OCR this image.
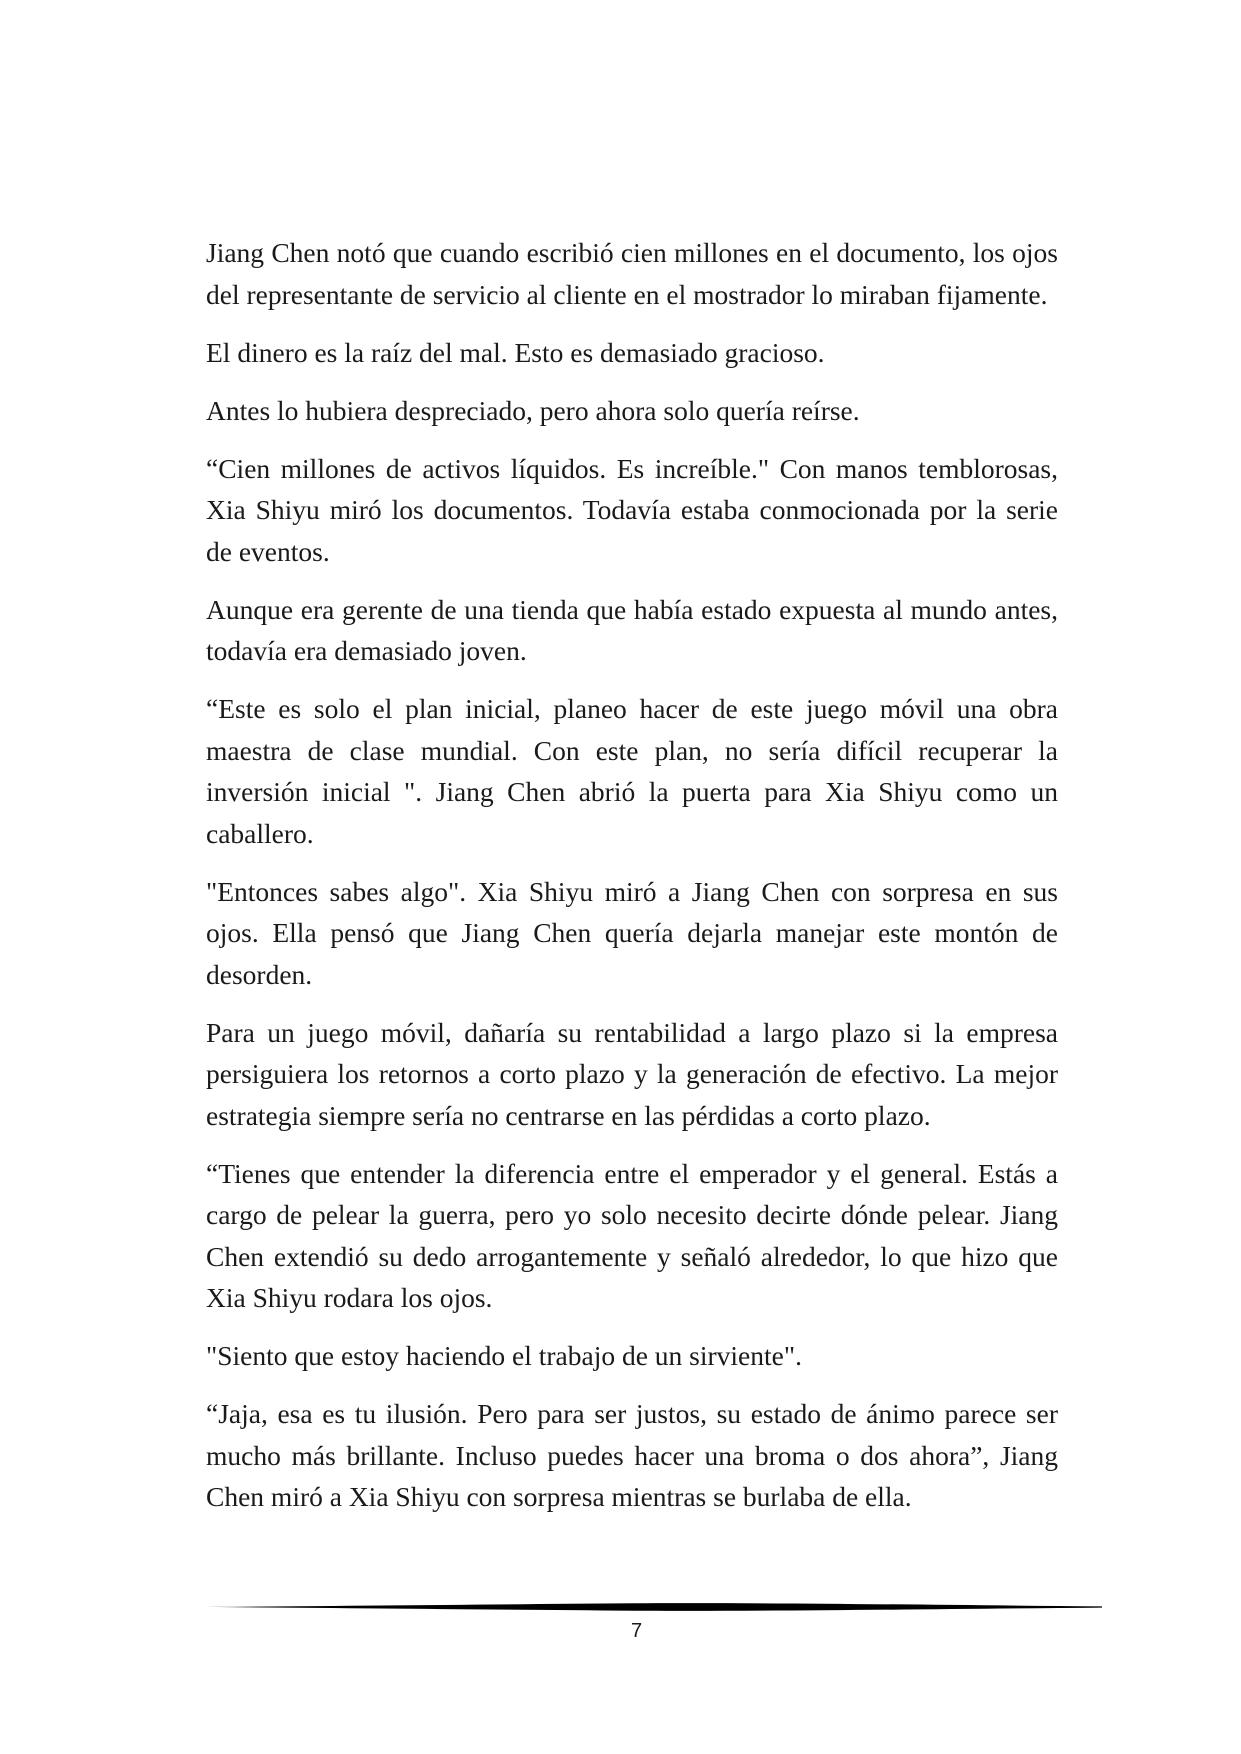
Jiang Chen notó que cuando escribió cien millones en el documento, los ojos del representante de servicio al cliente en el mostrador lo miraban fijamente.

El dinero es la raíz del mal. Esto es demasiado gracioso.

Antes lo hubiera despreciado, pero ahora solo quería reírse.

“Cien millones de activos líquidos. Es increíble." Con manos temblorosas, Xia Shiyu miró los documentos. Todavía estaba conmocionada por la serie de eventos.

Aunque era gerente de una tienda que había estado expuesta al mundo antes, todavía era demasiado joven.

“Este es solo el plan inicial, planeo hacer de este juego móvil una obra maestra de clase mundial. Con este plan, no sería difícil recuperar la inversión inicial ". Jiang Chen abrió la puerta para Xia Shiyu como un caballero.

"Entonces sabes algo". Xia Shiyu miró a Jiang Chen con sorpresa en sus ojos. Ella pensó que Jiang Chen quería dejarla manejar este montón de desorden.

Para un juego móvil, dañaría su rentabilidad a largo plazo si la empresa persiguiera los retornos a corto plazo y la generación de efectivo. La mejor estrategia siempre sería no centrarse en las pérdidas a corto plazo.

“Tienes que entender la diferencia entre el emperador y el general. Estás a cargo de pelear la guerra, pero yo solo necesito decirte dónde pelear. Jiang Chen extendió su dedo arrogantemente y señaló alrededor, lo que hizo que Xia Shiyu rodara los ojos.

"Siento que estoy haciendo el trabajo de un sirviente".

“Jaja, esa es tu ilusión. Pero para ser justos, su estado de ánimo parece ser mucho más brillante. Incluso puedes hacer una broma o dos ahora”, Jiang Chen miró a Xia Shiyu con sorpresa mientras se burlaba de ella.

7
